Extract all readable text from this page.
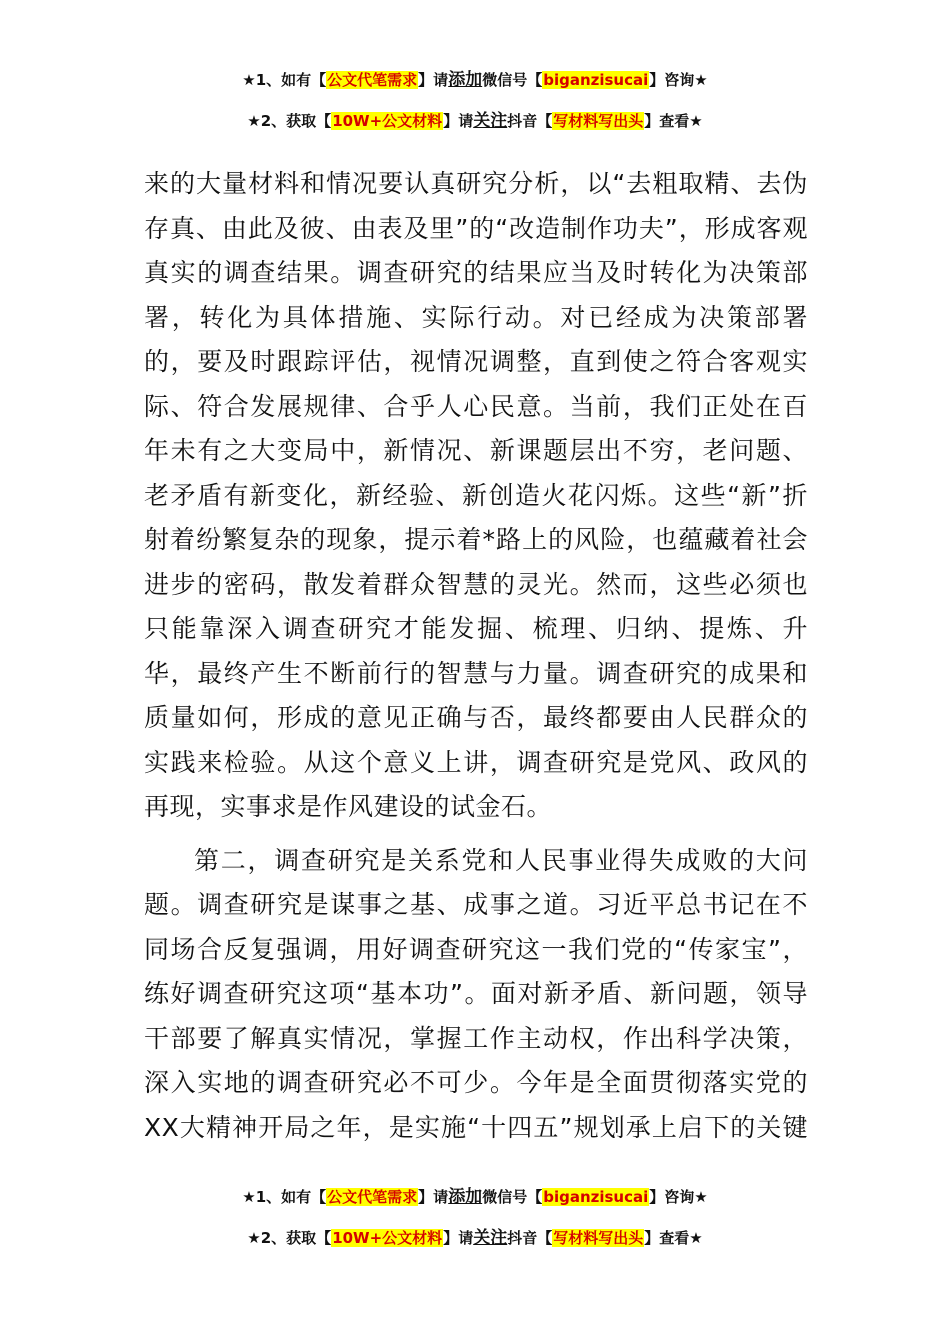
★1、如有【公文代笔需求】请添加微信号【biganzisucai】咨询★
★2、获取【10W+公文材料】请关注抖音【写材料写出头】查看★
来的大量材料和情况要认真研究分析，以“去粗取精、去伪
存真、由此及彼、由表及里”的“改造制作功夫”，形成客观
真实的调查结果。调查研究的结果应当及时转化为决策部
署，转化为具体措施、实际行动。对已经成为决策部署
的，要及时跟踪评估，视情况调整，直到使之符合客观实
际、符合发展规律、合乎人心民意。当前，我们正处在百
年未有之大变局中，新情况、新课题层出不穷，老问题、
老矛盾有新变化，新经验、新创造火花闪烁。这些“新”折
射着纷繁复杂的现象，提示着*路上的风险，也蕴藏着社会
进步的密码，散发着群众智慧的灵光。然而，这些必须也
只能靠深入调查研究才能发掘、梳理、归纳、提炼、升
华，最终产生不断前行的智慧与力量。调查研究的成果和
质量如何，形成的意见正确与否，最终都要由人民群众的
实践来检验。从这个意义上讲，调查研究是党风、政风的
再现，实事求是作风建设的试金石。
第二，调查研究是关系党和人民事业得失成败的大问
题。调查研究是谋事之基、成事之道。习近平总书记在不
同场合反复强调，用好调查研究这一我们党的“传家宝”，
练好调查研究这项“基本功”。面对新矛盾、新问题，领导
干部要了解真实情况，掌握工作主动权，作出科学决策，
深入实地的调查研究必不可少。今年是全面贯彻落实党的
XX大精神开局之年，是实施“十四五”规划承上启下的关键
★1、如有【公文代笔需求】请添加微信号【biganzisucai】咨询★
★2、获取【10W+公文材料】请关注抖音【写材料写出头】查看★
